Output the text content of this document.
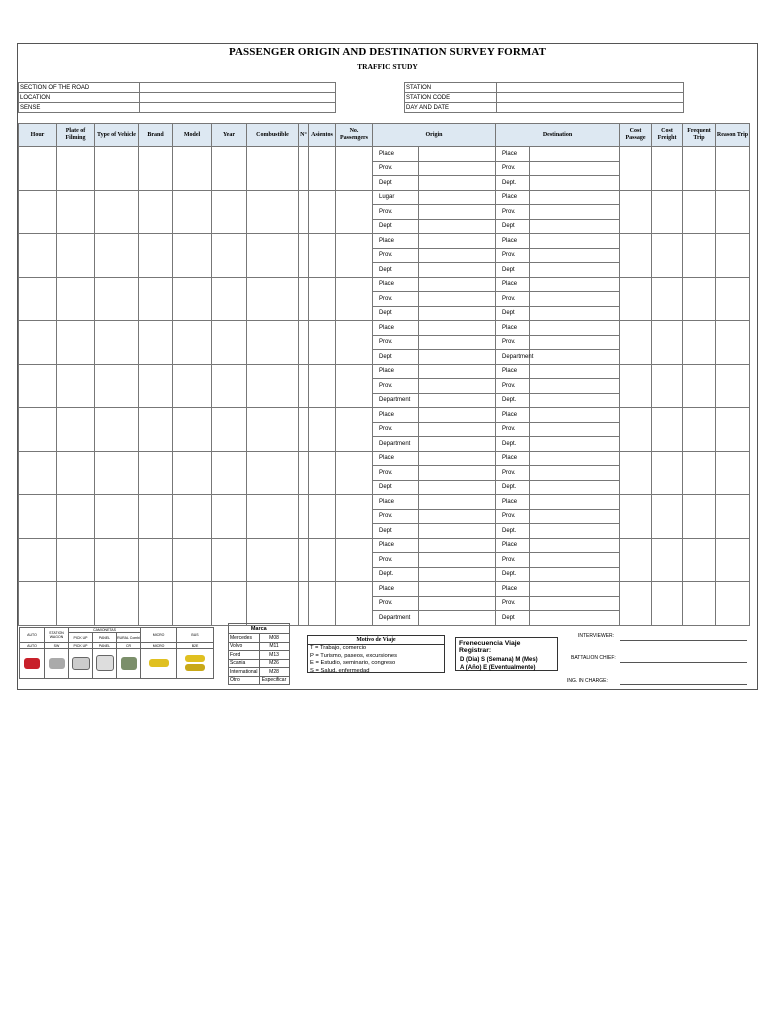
PASSENGER ORIGIN AND DESTINATION SURVEY FORMAT
TRAFFIC STUDY
SECTION OF THE ROAD	
LOCATION	
SENSE	
STATION	
STATION CODE	
DAY AND DATE	
Hour	Plate of Filming	Type of Vehicle	Brand	Model	Year	Combustible	N°	Asientos	No. Passengers	Origin		Destination		Cost Passage	Cost Freight	Frequent Trip	Reason Trip
										Place		Place					
										Prov.		Prov.					
										Dept		Dept.					
										Lugar		Place					
										Prov.		Prov.					
										Dept		Dept					
										Place		Place					
										Prov.		Prov.					
										Dept		Dept					
										Place		Place					
										Prov.		Prov.					
										Dept		Dept					
										Place		Place					
										Prov.		Prov.					
										Dept		Department					
										Place		Place					
										Prov.		Prov.					
										Department		Dept.					
										Place		Place					
										Prov.		Prov.					
										Department		Dept.					
										Place		Place					
										Prov.		Prov.					
										Dept		Dept.					
										Place		Place					
										Prov.		Prov.					
										Dept		Dept.					
										Place		Place					
										Prov.		Prov.					
										Dept.		Dept.					
										Place		Place					
										Prov.		Prov.					
										Department		Dept					
AUTO	STATION WAGON	CAMIONETAS			MICRO	BUS
		PICK UP	PANEL	RURAL Combi		
AUTO	SW	PICK UP	PANEL	CR	MICRO	B2E

Marca	
Mercedes	M08
Volvo	M11
Ford	M13
Scania	M26
International	M28
Otro	Especificar
Motivo de Viaje
T = Trabajo, comercio
P = Turismo, paseos, excursiones
E = Estudio, seminario, congreso
S = Salud, enfermedad
Frenecuencia Viaje Registrar:
D (Dia) S (Semana) M (Mes)
A (Año) E (Eventualmente)
INTERVIEWER:
BATTALION CHIEF:
ING. IN CHARGE:
